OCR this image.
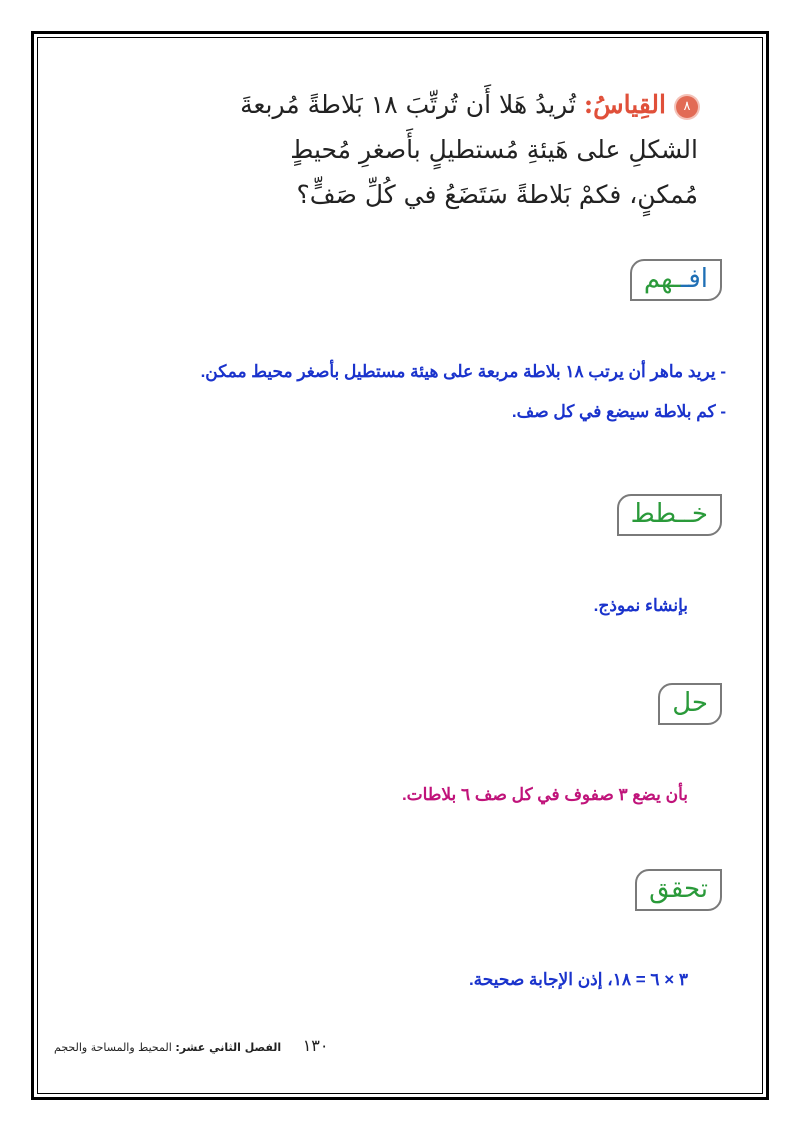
٨القِياسُ: تُريدُ هَلا أَن تُرتِّبَ ١٨ بَلاطةً مُربعةَ
الشكلِ على هَيئةِ مُستطيلٍ بأَصغرِ مُحيطٍ
مُمكنٍ، فكمْ بَلاطةً سَتَضَعُ في كُلِّ صَفٍّ؟
افــهم
- يريد ماهر أن يرتب ١٨ بلاطة مربعة على هيئة مستطيل بأصغر محيط ممكن.
- كم بلاطة سيضع في كل صف.
خــطط
بإنشاء نموذج.
حل
بأن يضع ٣ صفوف في كل صف ٦ بلاطات.
تحقق
٣ × ٦ = ١٨، إذن الإجابة صحيحة.
١٣٠ الفصل الثاني عشر: المحيط والمساحة والحجم
